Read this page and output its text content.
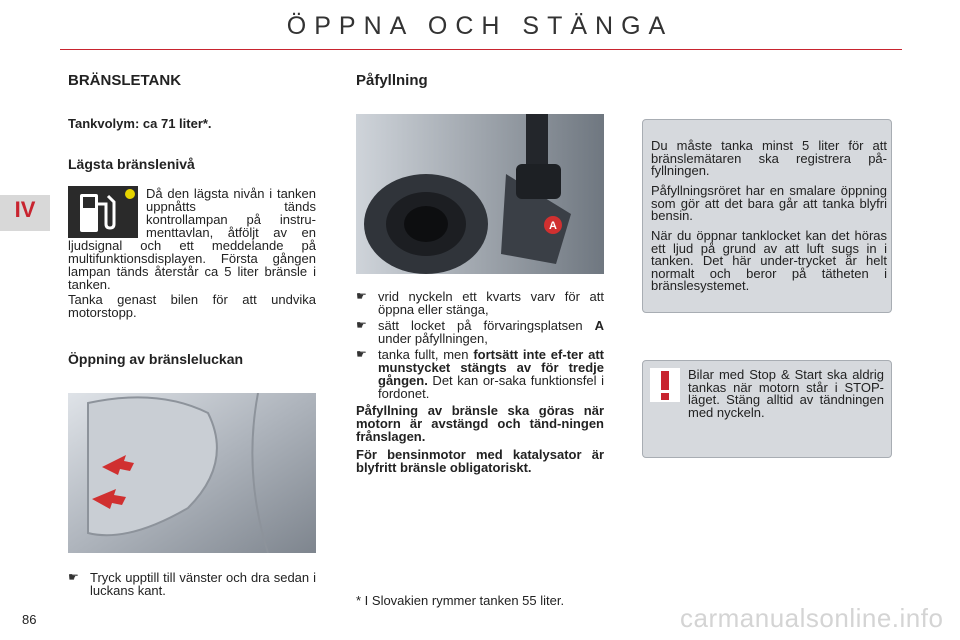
ÖPPNA OCH STÄNGA
IV
BRÄNSLETANK
Tankvolym: ca 71 liter*.
Lägsta bränslenivå
Då den lägsta nivån i tanken uppnåtts tänds kontrollampan på instru-menttavlan, åtföljt av en ljudsignal och ett meddelande på multifunktionsdisplayen. Första gången lampan tänds återstår ca 5 liter bränsle i tanken.

Tanka genast bilen för att undvika motorstopp.

Öppning av bränsleluckan
☛ Tryck upptill till vänster och dra sedan i luckans kant.
Påfyllning
A
☛ vrid nyckeln ett kvarts varv för att öppna eller stänga,
☛ sätt locket på förvaringsplatsen A under påfyllningen,
☛ tanka fullt, men fortsätt inte ef-ter att munstycket stängts av för tredje gången. Det kan or-saka funktionsfel i fordonet.

Påfyllning av bränsle ska göras när motorn är avstängd och tänd-ningen frånslagen.

För bensinmotor med katalysator är blyfritt bränsle obligatoriskt.

* I Slovakien rymmer tanken 55 liter.

Du måste tanka minst 5 liter för att bränslemätaren ska registrera på-fyllningen.

Påfyllningsröret har en smalare öppning som gör att det bara går att tanka blyfri bensin.

När du öppnar tanklocket kan det höras ett ljud på grund av att luft sugs in i tanken. Det här under-trycket är helt normalt och beror på tätheten i bränslesystemet.

Bilar med Stop & Start ska aldrig tankas när motorn står i STOP-läget. Stäng alltid av tändningen med nyckeln.

86	carmanualsonline.info
